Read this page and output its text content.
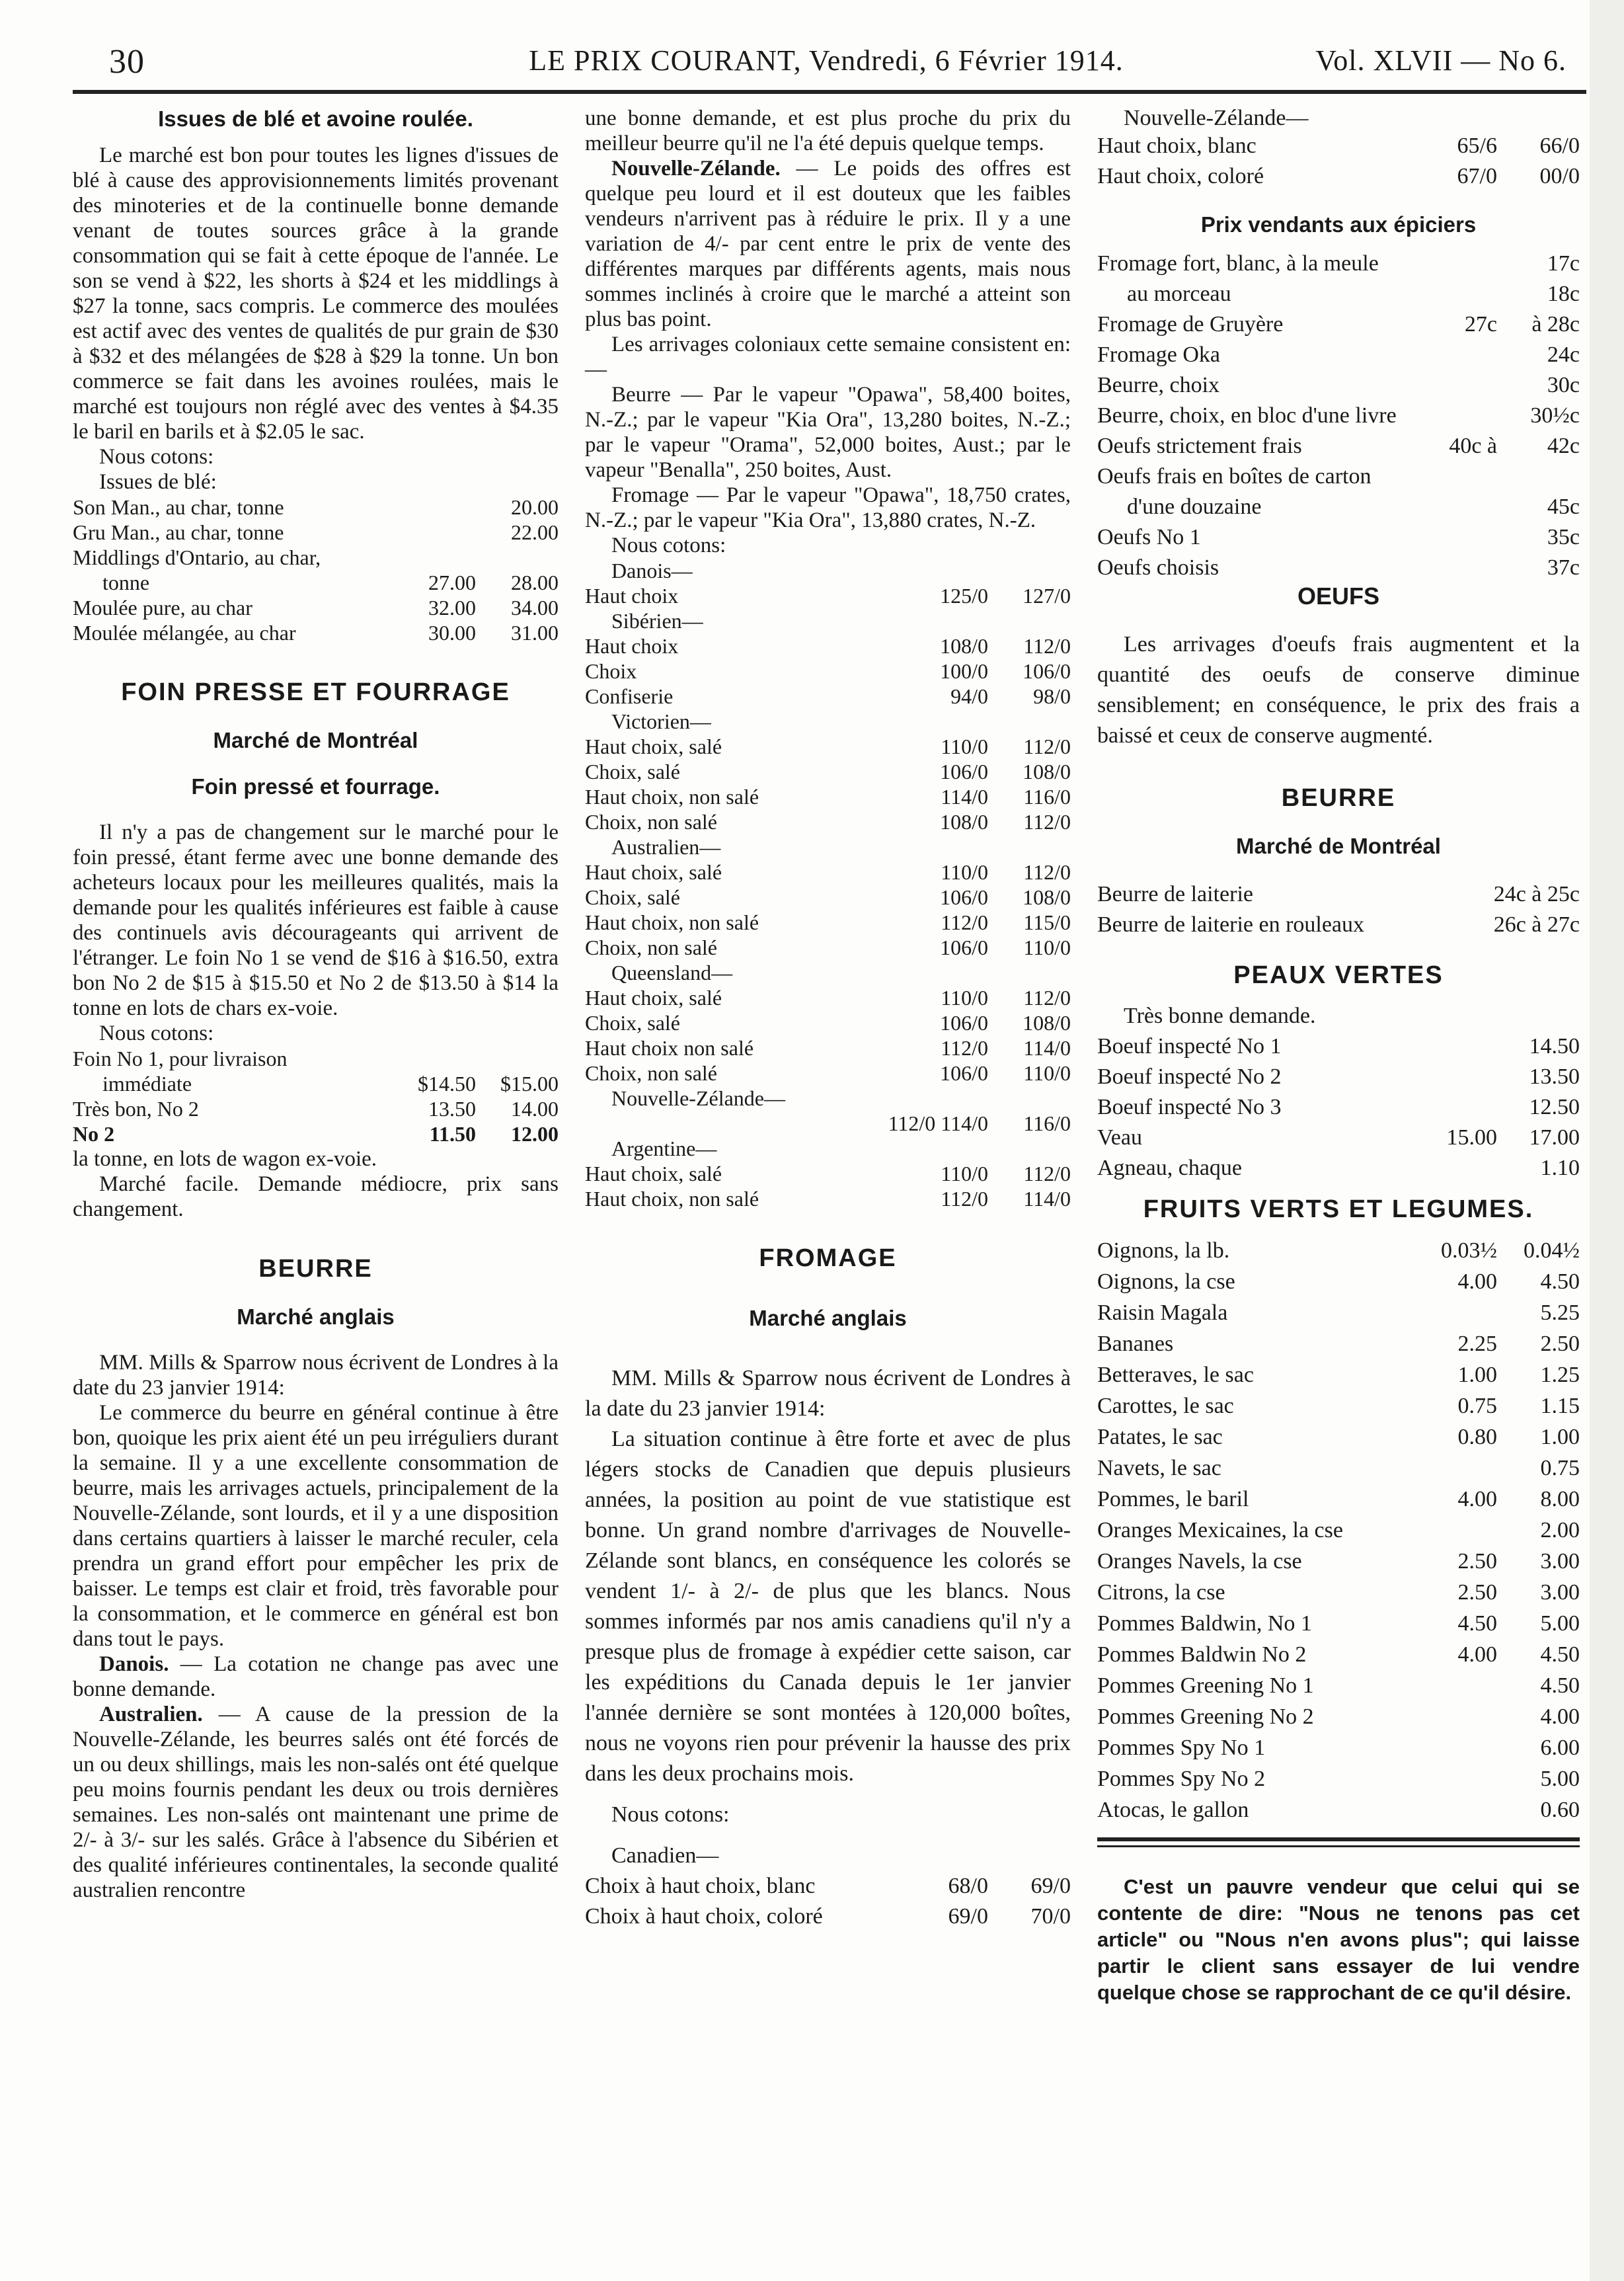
30	LE PRIX COURANT, Vendredi, 6 Février 1914.	Vol. XLVII — No 6.
Issues de blé et avoine roulée.

Le marché est bon pour toutes les lignes d'issues de blé à cause des approvisionnements limités provenant des minoteries et de la continuelle bonne demande venant de toutes sources grâce à la grande consommation qui se fait à cette époque de l'année. Le son se vend à $22, les shorts à $24 et les middlings à $27 la tonne, sacs compris. Le commerce des moulées est actif avec des ventes de qualités de pur grain de $30 à $32 et des mélangées de $28 à $29 la tonne. Un bon commerce se fait dans les avoines roulées, mais le marché est toujours non réglé avec des ventes à $4.35 le baril en barils et à $2.05 le sac.

Nous cotons:

Issues de blé:

Son Man., au char, tonne		20.00
Gru Man., au char, tonne		22.00
Middlings d'Ontario, au char,		
tonne	27.00	28.00
Moulée pure, au char	32.00	34.00
Moulée mélangée, au char	30.00	31.00
FOIN PRESSE ET FOURRAGE
Marché de Montréal
Foin pressé et fourrage.

Il n'y a pas de changement sur le marché pour le foin pressé, étant ferme avec une bonne demande des acheteurs locaux pour les meilleures qualités, mais la demande pour les qualités inférieures est faible à cause des continuels avis décourageants qui arrivent de l'étranger. Le foin No 1 se vend de $16 à $16.50, extra bon No 2 de $15 à $15.50 et No 2 de $13.50 à $14 la tonne en lots de chars ex-voie.

Nous cotons:

Foin No 1, pour livraison		
immédiate	$14.50	$15.00
Très bon, No 2	13.50	14.00
No 2	11.50	12.00

la tonne, en lots de wagon ex-voie.

Marché facile. Demande médiocre, prix sans changement.

BEURRE
Marché anglais

MM. Mills & Sparrow nous écrivent de Londres à la date du 23 janvier 1914:

Le commerce du beurre en général continue à être bon, quoique les prix aient été un peu irréguliers durant la semaine. Il y a une excellente consommation de beurre, mais les arrivages actuels, principalement de la Nouvelle-Zélande, sont lourds, et il y a une disposition dans certains quartiers à laisser le marché reculer, cela prendra un grand effort pour empêcher les prix de baisser. Le temps est clair et froid, très favorable pour la consommation, et le commerce en général est bon dans tout le pays.

Danois. — La cotation ne change pas avec une bonne demande.

Australien. — A cause de la pression de la Nouvelle-Zélande, les beurres salés ont été forcés de un ou deux shillings, mais les non-salés ont été quelque peu moins fournis pendant les deux ou trois dernières semaines. Les non-salés ont maintenant une prime de 2/- à 3/- sur les salés. Grâce à l'absence du Sibérien et des qualité inférieures continentales, la seconde qualité australien rencontre

une bonne demande, et est plus proche du prix du meilleur beurre qu'il ne l'a été depuis quelque temps.

Nouvelle-Zélande. — Le poids des offres est quelque peu lourd et il est douteux que les faibles vendeurs n'arrivent pas à réduire le prix. Il y a une variation de 4/- par cent entre le prix de vente des différentes marques par différents agents, mais nous sommes inclinés à croire que le marché a atteint son plus bas point.

Les arrivages coloniaux cette semaine consistent en:—

Beurre — Par le vapeur "Opawa", 58,400 boites, N.-Z.; par le vapeur "Kia Ora", 13,280 boites, N.-Z.; par le vapeur "Orama", 52,000 boites, Aust.; par le vapeur "Benalla", 250 boites, Aust.

Fromage — Par le vapeur "Opawa", 18,750 crates, N.-Z.; par le vapeur "Kia Ora", 13,880 crates, N.-Z.

Nous cotons:

Danois—		
Haut choix	125/0	127/0
Sibérien—		
Haut choix	108/0	112/0
Choix	100/0	106/0
Confiserie	94/0	98/0
Victorien—		
Haut choix, salé	110/0	112/0
Choix, salé	106/0	108/0
Haut choix, non salé	114/0	116/0
Choix, non salé	108/0	112/0
Australien—		
Haut choix, salé	110/0	112/0
Choix, salé	106/0	108/0
Haut choix, non salé	112/0	115/0
Choix, non salé	106/0	110/0
Queensland—		
Haut choix, salé	110/0	112/0
Choix, salé	106/0	108/0
Haut choix non salé	112/0	114/0
Choix, non salé	106/0	110/0
Nouvelle-Zélande—		
	112/0 114/0	116/0
Argentine—		
Haut choix, salé	110/0	112/0
Haut choix, non salé	112/0	114/0
FROMAGE
Marché anglais

MM. Mills & Sparrow nous écrivent de Londres à la date du 23 janvier 1914:

La situation continue à être forte et avec de plus légers stocks de Canadien que depuis plusieurs années, la position au point de vue statistique est bonne. Un grand nombre d'arrivages de Nouvelle-Zélande sont blancs, en conséquence les colorés se vendent 1/- à 2/- de plus que les blancs. Nous sommes informés par nos amis canadiens qu'il n'y a presque plus de fromage à expédier cette saison, car les expéditions du Canada depuis le 1er janvier l'année dernière se sont montées à 120,000 boîtes, nous ne voyons rien pour prévenir la hausse des prix dans les deux prochains mois.

Nous cotons:

Canadien—

Choix à haut choix, blanc	68/0	69/0
Choix à haut choix, coloré	69/0	70/0

Nouvelle-Zélande—

Haut choix, blanc	65/6	66/0
Haut choix, coloré	67/0	00/0
Prix vendants aux épiciers
Fromage fort, blanc, à la meule		17c
au morceau		18c
Fromage de Gruyère	27c	à 28c
Fromage Oka		24c
Beurre, choix		30c
Beurre, choix, en bloc d'une livre		30½c
Oeufs strictement frais	40c à	42c
Oeufs frais en boîtes de carton		
d'une douzaine		45c
Oeufs No 1		35c
Oeufs choisis		37c
OEUFS

Les arrivages d'oeufs frais augmentent et la quantité des oeufs de conserve diminue sensiblement; en conséquence, le prix des frais a baissé et ceux de conserve augmenté.

BEURRE
Marché de Montréal
Beurre de laiterie		24c à 25c
Beurre de laiterie en rouleaux		26c à 27c
PEAUX VERTES

Très bonne demande.

Boeuf inspecté No 1		14.50
Boeuf inspecté No 2		13.50
Boeuf inspecté No 3		12.50
Veau	15.00	17.00
Agneau, chaque		1.10
FRUITS VERTS ET LEGUMES.
Oignons, la lb.	0.03½	0.04½
Oignons, la cse	4.00	4.50
Raisin Magala		5.25
Bananes	2.25	2.50
Betteraves, le sac	1.00	1.25
Carottes, le sac	0.75	1.15
Patates, le sac	0.80	1.00
Navets, le sac		0.75
Pommes, le baril	4.00	8.00
Oranges Mexicaines, la cse		2.00
Oranges Navels, la cse	2.50	3.00
Citrons, la cse	2.50	3.00
Pommes Baldwin, No 1	4.50	5.00
Pommes Baldwin No 2	4.00	4.50
Pommes Greening No 1		4.50
Pommes Greening No 2		4.00
Pommes Spy No 1		6.00
Pommes Spy No 2		5.00
Atocas, le gallon		0.60

C'est un pauvre vendeur que celui qui se contente de dire: "Nous ne tenons pas cet article" ou "Nous n'en avons plus"; qui laisse partir le client sans essayer de lui vendre quelque chose se rapprochant de ce qu'il désire.
